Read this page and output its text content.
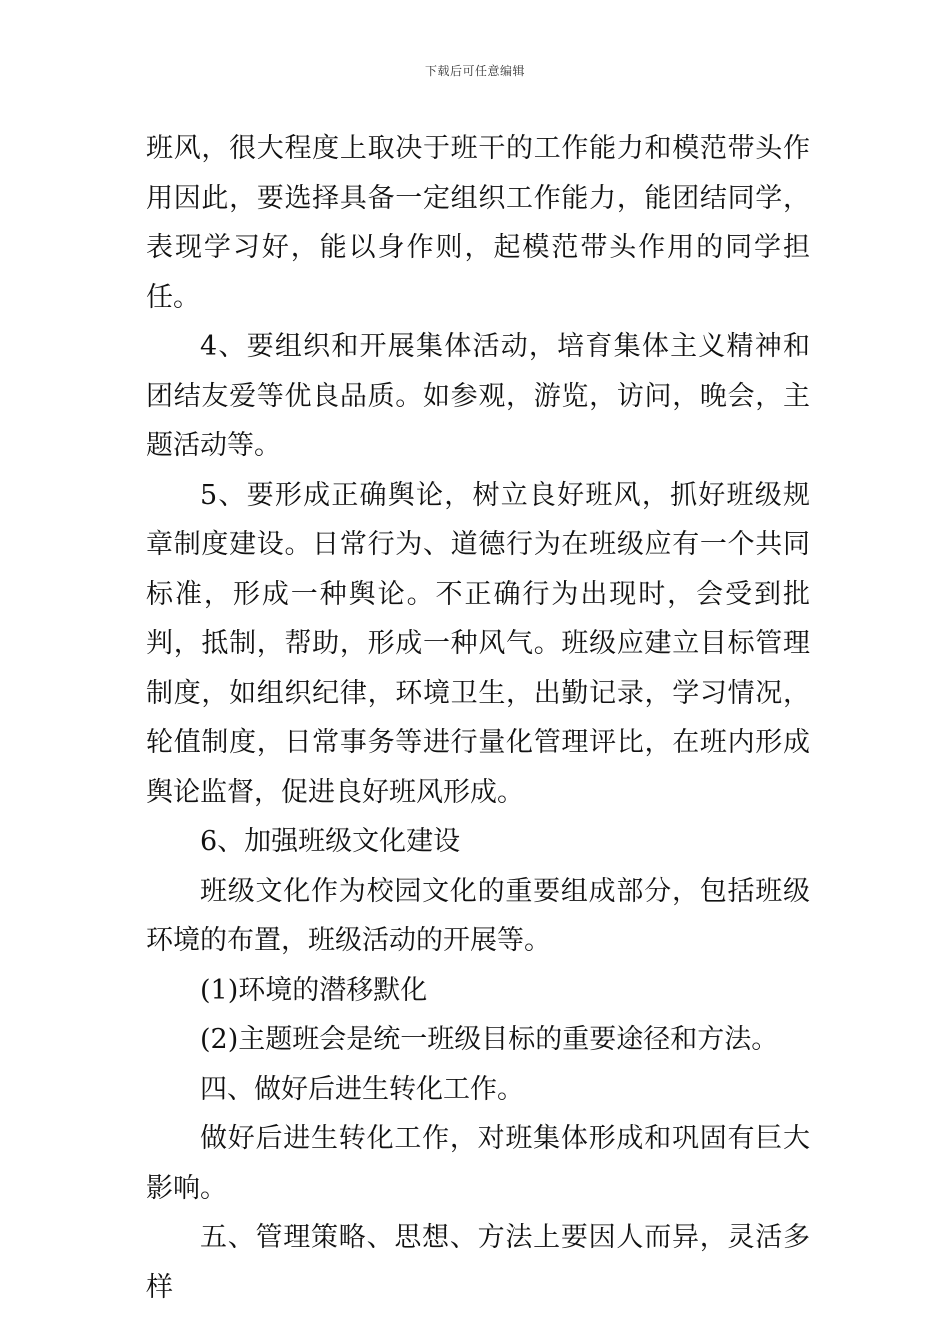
下载后可任意编辑

班风，很大程度上取决于班干的工作能力和模范带头作用因此，要选择具备一定组织工作能力，能团结同学，表现学习好，能以身作则，起模范带头作用的同学担任。

4、要组织和开展集体活动，培育集体主义精神和团结友爱等优良品质。如参观，游览，访问，晚会，主题活动等。

5、要形成正确舆论，树立良好班风，抓好班级规章制度建设。日常行为、道德行为在班级应有一个共同标准，形成一种舆论。不正确行为出现时，会受到批判，抵制，帮助，形成一种风气。班级应建立目标管理制度，如组织纪律，环境卫生，出勤记录，学习情况，轮值制度，日常事务等进行量化管理评比，在班内形成舆论监督，促进良好班风形成。

6、加强班级文化建设

班级文化作为校园文化的重要组成部分，包括班级环境的布置，班级活动的开展等。

(1)环境的潜移默化

(2)主题班会是统一班级目标的重要途径和方法。

四、做好后进生转化工作。

做好后进生转化工作，对班集体形成和巩固有巨大影响。

五、管理策略、思想、方法上要因人而异，灵活多样
